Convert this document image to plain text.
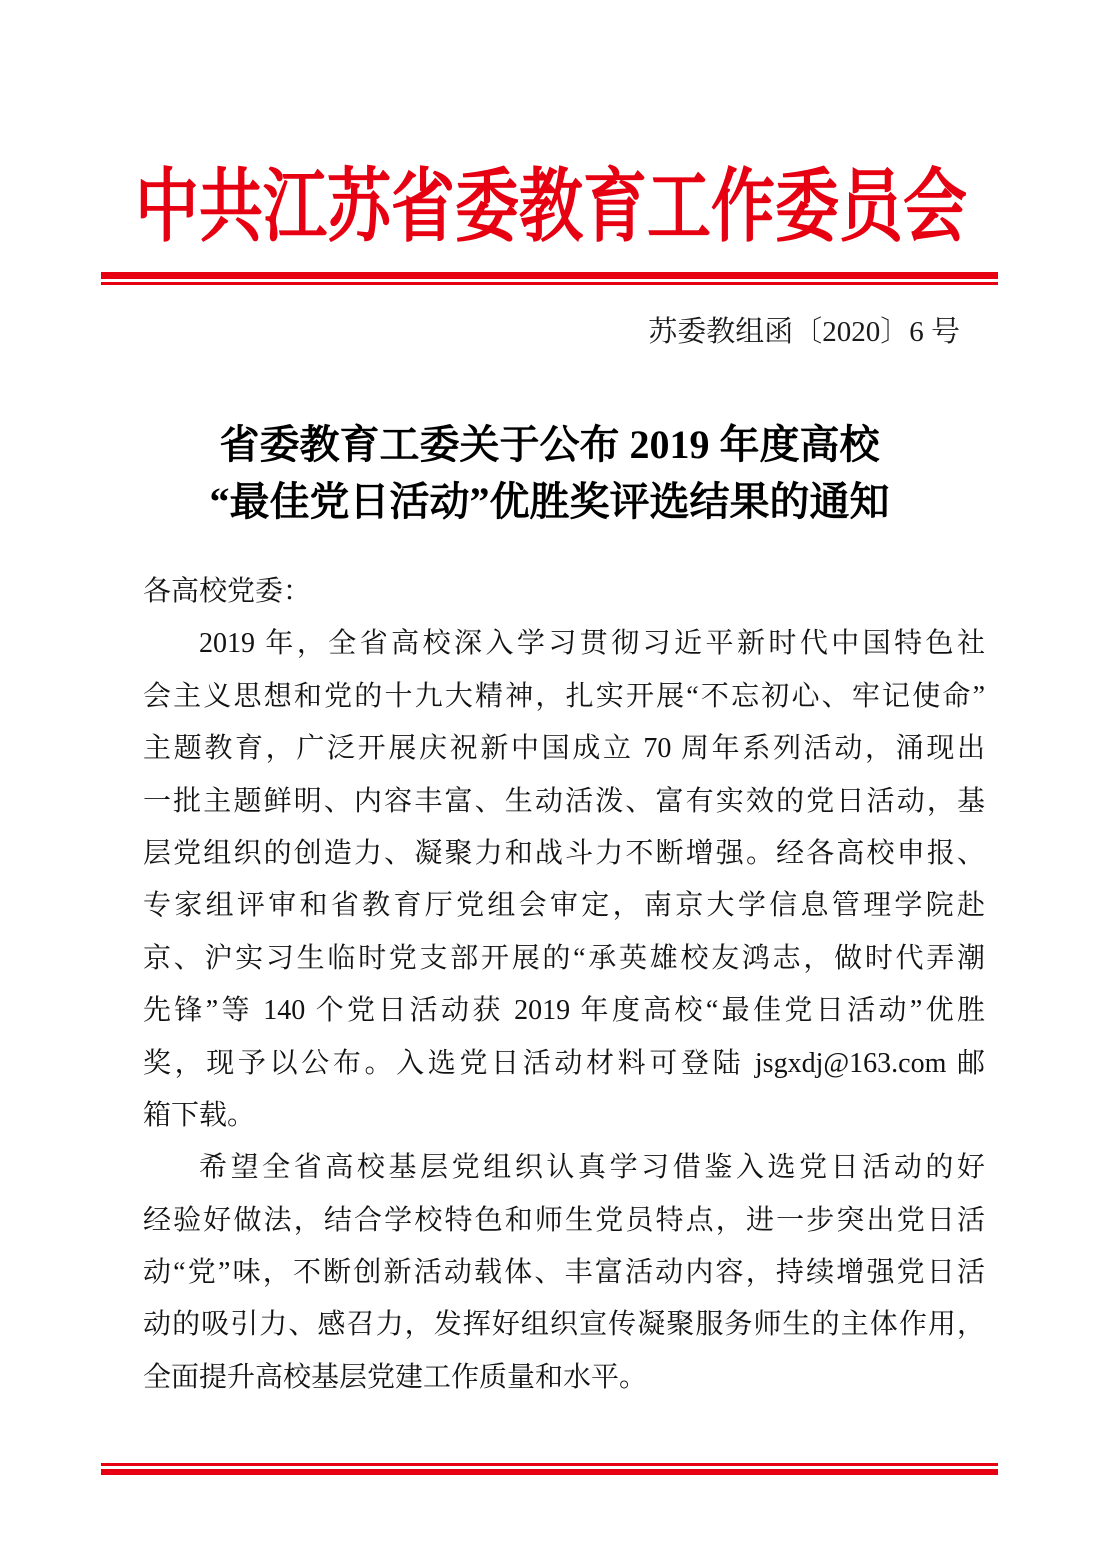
中共江苏省委教育工作委员会
苏委教组函〔2020〕6 号
省委教育工委关于公布 2019 年度高校
“最佳党日活动”优胜奖评选结果的通知
各高校党委：
2019 年，全省高校深入学习贯彻习近平新时代中国特色社
会主义思想和党的十九大精神，扎实开展“不忘初心、牢记使命”
主题教育，广泛开展庆祝新中国成立 70 周年系列活动，涌现出
一批主题鲜明、内容丰富、生动活泼、富有实效的党日活动，基
层党组织的创造力、凝聚力和战斗力不断增强。经各高校申报、
专家组评审和省教育厅党组会审定，南京大学信息管理学院赴
京、沪实习生临时党支部开展的“承英雄校友鸿志，做时代弄潮
先锋”等 140 个党日活动获 2019 年度高校“最佳党日活动”优胜
奖，现予以公布。入选党日活动材料可登陆 jsgxdj@163.com 邮
箱下载。
希望全省高校基层党组织认真学习借鉴入选党日活动的好
经验好做法，结合学校特色和师生党员特点，进一步突出党日活
动“党”味，不断创新活动载体、丰富活动内容，持续增强党日活
动的吸引力、感召力，发挥好组织宣传凝聚服务师生的主体作用，
全面提升高校基层党建工作质量和水平。
